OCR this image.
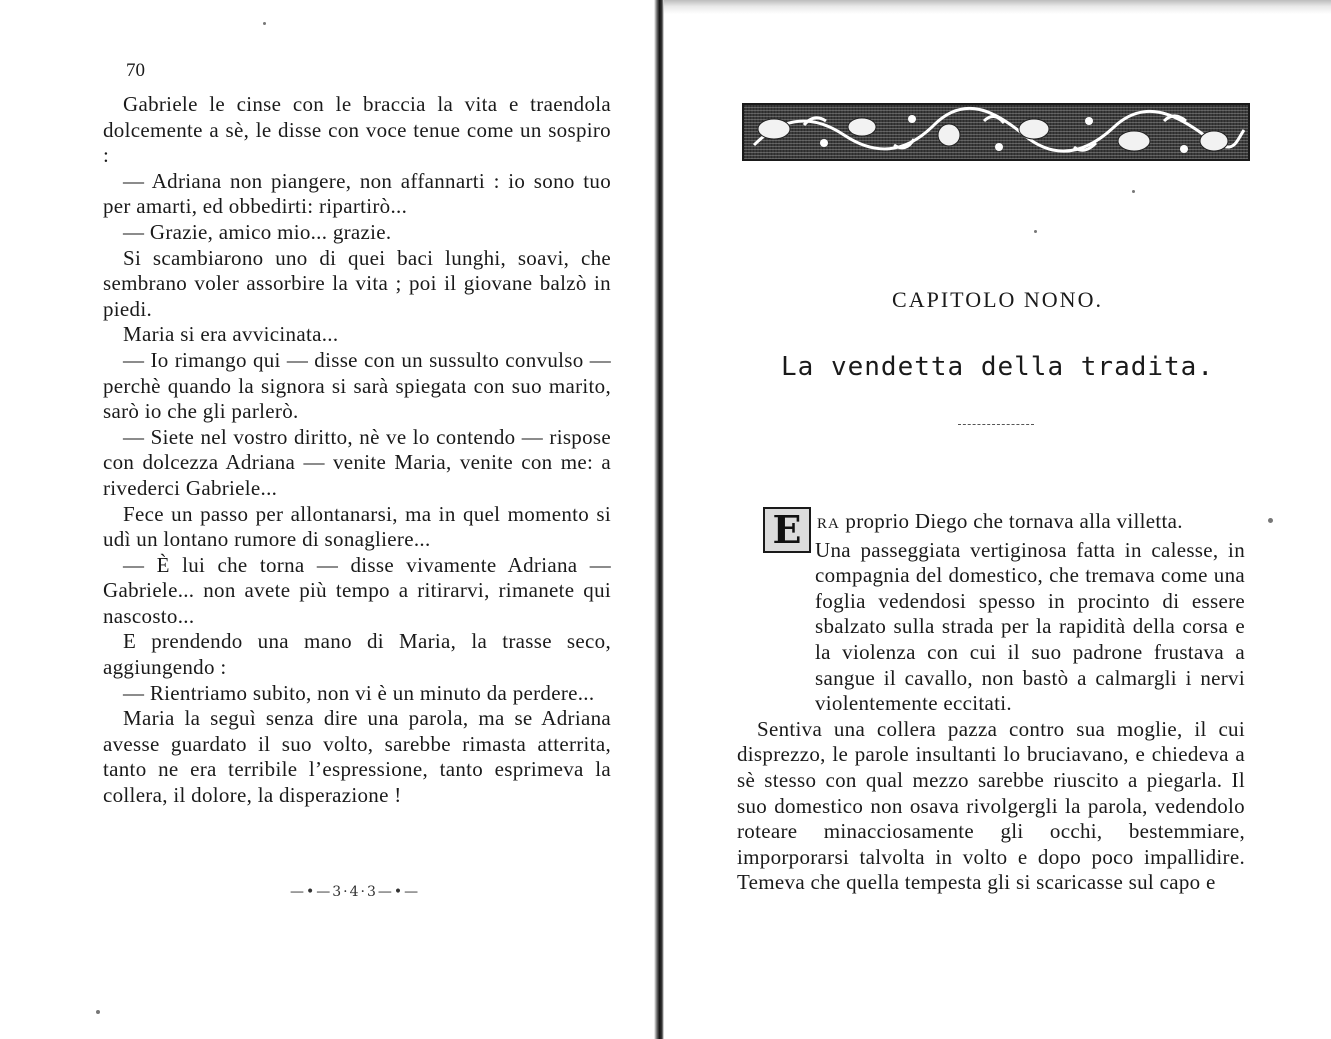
70

Gabriele le cinse con le braccia la vita e traendola dolcemente a sè, le disse con voce tenue come un sospiro :

— Adriana non piangere, non affannarti : io sono tuo per amarti, ed obbedirti: ripartirò...

— Grazie, amico mio... grazie.

Si scambiarono uno di quei baci lunghi, soavi, che sembrano voler assorbire la vita ; poi il giovane balzò in piedi.

Maria si era avvicinata...

— Io rimango qui — disse con un sussulto convulso — perchè quando la signora si sarà spiegata con suo marito, sarò io che gli parlerò.

— Siete nel vostro diritto, nè ve lo contendo — rispose con dolcezza Adriana — venite Maria, venite con me: a rivederci Gabriele...

Fece un passo per allontanarsi, ma in quel momento si udì un lontano rumore di sonagliere...

— È lui che torna — disse vivamente Adriana — Gabriele... non avete più tempo a ritirarvi, rimanete qui nascosto...

E prendendo una mano di Maria, la trasse seco, aggiungendo :

— Rientriamo subito, non vi è un minuto da perdere...

Maria la seguì senza dire una parola, ma se Adriana avesse guardato il suo volto, sarebbe rimasta atterrita, tanto ne era terribile l’espressione, tanto esprimeva la collera, il dolore, la disperazione !

—•—3·4·3—•—
CAPITOLO NONO.
La vendetta della tradita.
E	RA proprio Diego che tornava alla villetta.

Una passeggiata vertiginosa fatta in calesse, in compagnia del domestico, che tremava come una foglia vedendosi spesso in procinto di essere sbalzato sulla strada per la rapidità della corsa e la violenza con cui il suo padrone frustava a sangue il cavallo, non bastò a calmargli i nervi violentemente eccitati.

Sentiva una collera pazza contro sua moglie, il cui disprezzo, le parole insultanti lo bruciavano, e chiedeva a sè stesso con qual mezzo sarebbe riuscito a piegarla. Il suo domestico non osava rivolgergli la parola, vedendolo roteare minacciosamente gli occhi, bestemmiare, imporporarsi talvolta in volto e dopo poco impallidire. Temeva che quella tempesta gli si scaricasse sul capo e
